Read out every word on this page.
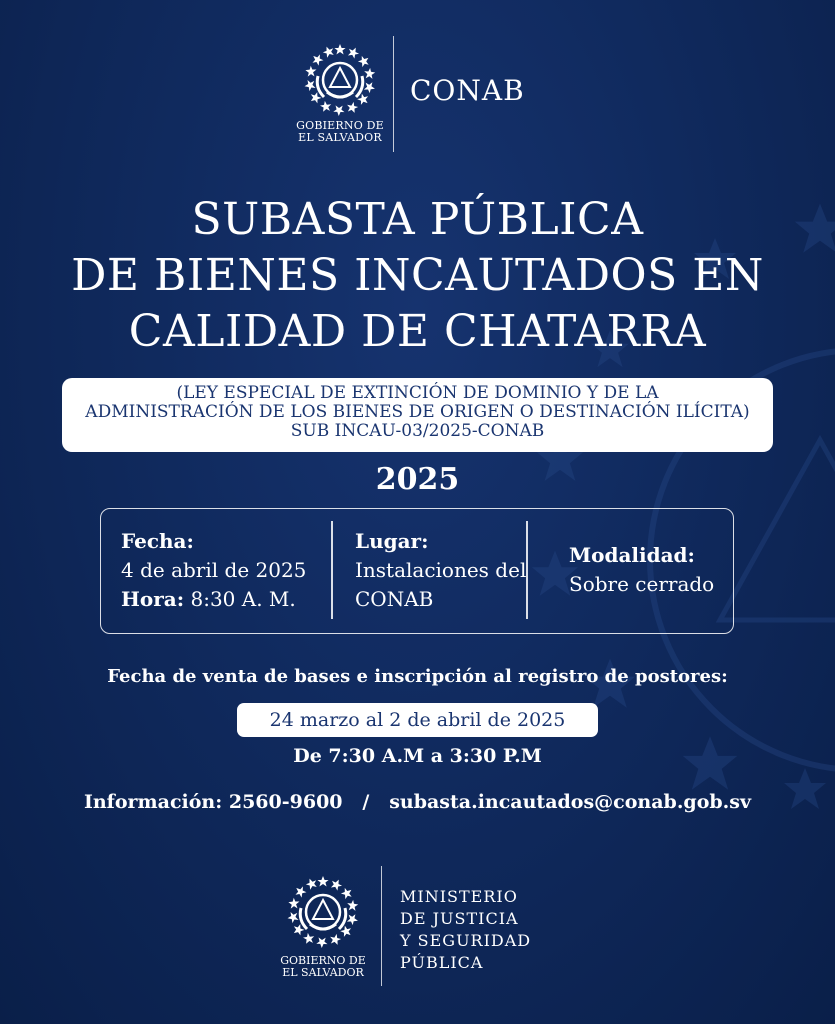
GOBIERNO DE
EL SALVADOR
CONAB
SUBASTA PÚBLICA
DE BIENES INCAUTADOS EN
CALIDAD DE CHATARRA
(LEY ESPECIAL DE EXTINCIÓN DE DOMINIO Y DE LA
ADMINISTRACIÓN DE LOS BIENES DE ORIGEN O DESTINACIÓN ILÍCITA)
SUB INCAU-03/2025-CONAB
2025
Fecha:
4 de abril de 2025
Hora: 8:30 A. M.
Lugar:
Instalaciones del
CONAB
Modalidad:
Sobre cerrado
Fecha de venta de bases e inscripción al registro de postores:
24 marzo al 2 de abril de 2025
De 7:30 A.M a 3:30 P.M
Información: 2560-9600 / subasta.incautados@conab.gob.sv
GOBIERNO DE
EL SALVADOR
MINISTERIO
DE JUSTICIA
Y SEGURIDAD
PÚBLICA
